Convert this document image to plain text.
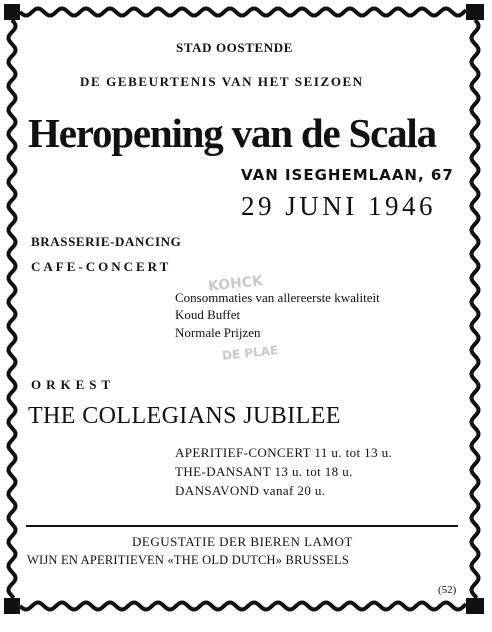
STAD OOSTENDE
DE GEBEURTENIS VAN HET SEIZOEN
Heropening van de Scala
VAN ISEGHEMLAAN, 67
29 JUNI 1946
BRASSERIE-DANCING
CAFE-CONCERT
Consommaties van allereerste kwaliteit
Koud Buffet
Normale Prijzen
KOHCK
DE PLAE
ORKEST
THE COLLEGIANS JUBILEE
APERITIEF-CONCERT 11 u. tot 13 u.
THE-DANSANT 13 u. tot 18 u.
DANSAVOND vanaf 20 u.
DEGUSTATIE DER BIEREN LAMOT
WIJN EN APERITIEVEN «THE OLD DUTCH» BRUSSELS
(52)
